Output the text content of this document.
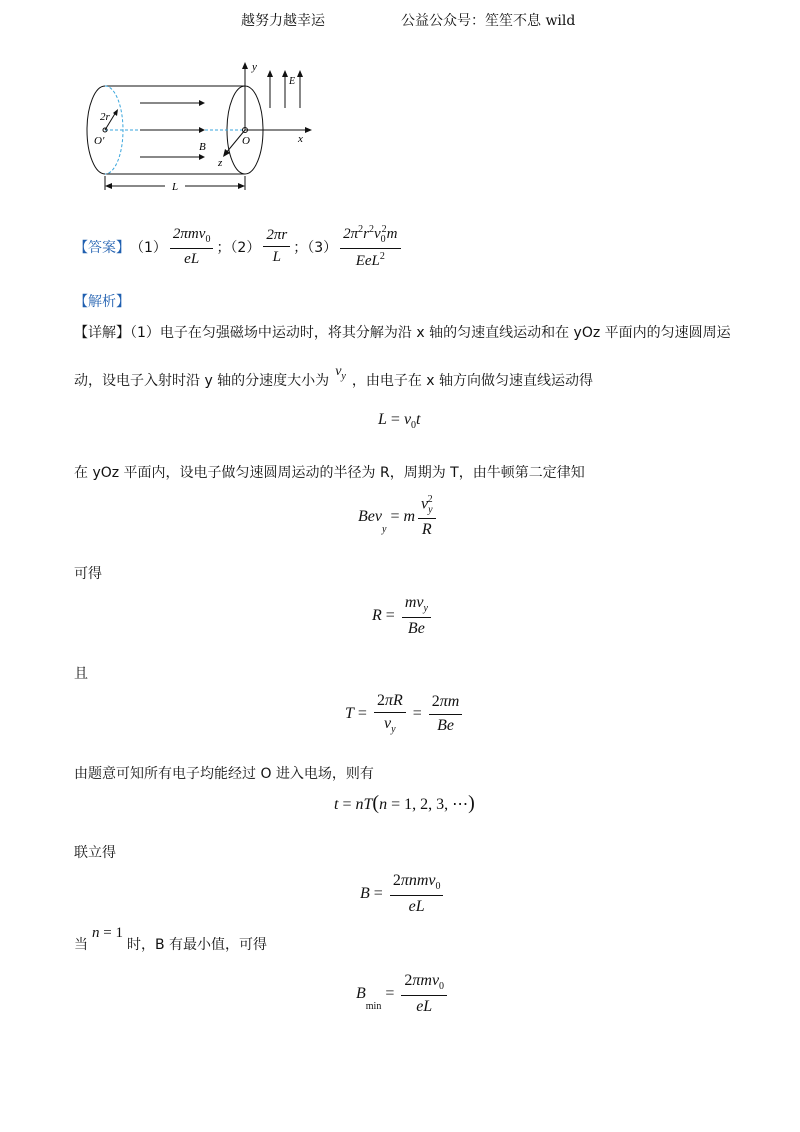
越努力越幸运	公益公众号：笙笙不息 wild
y
x
z
E
B
L
O
O′
2r
【答案】 $(1) \frac{2\pi mv_0}{eL}$ ；$(2) \frac{2\pi r}{L}$ ；$(3) \frac{2\pi^2r^2v_0^2m}{EeL^2}$
【解析】
【详解】（1）电子在匀强磁场中运动时，将其分解为沿 x 轴的匀速直线运动和在 yOz 平面内的匀速圆周运
动，设电子入射时沿 y 轴的分速度大小为$v_y$ ，由电子在 x 轴方向做匀速直线运动得
$L = v_0t$
在 yOz 平面内，设电子做匀速圆周运动的半径为 R，周期为 T，由牛顿第二定律知
Bev
$_y$
= m $\frac{v_y^2}{R}$
可得
$R = \frac{mv_y}{Be}$
且
$T = \frac{2\pi R}{v_y} = \frac{2\pi m}{Be}$
由题意可知所有电子均能经过 O 进入电场，则有
t = nT(n = 1, 2, 3, ⋯)
联立得
$B = \frac{2\pi nmv_0}{eL}$
当
n = 1
时，B 有最小值，可得
B
$_{min}$
= $\frac{2\pi mv_0}{eL}$
